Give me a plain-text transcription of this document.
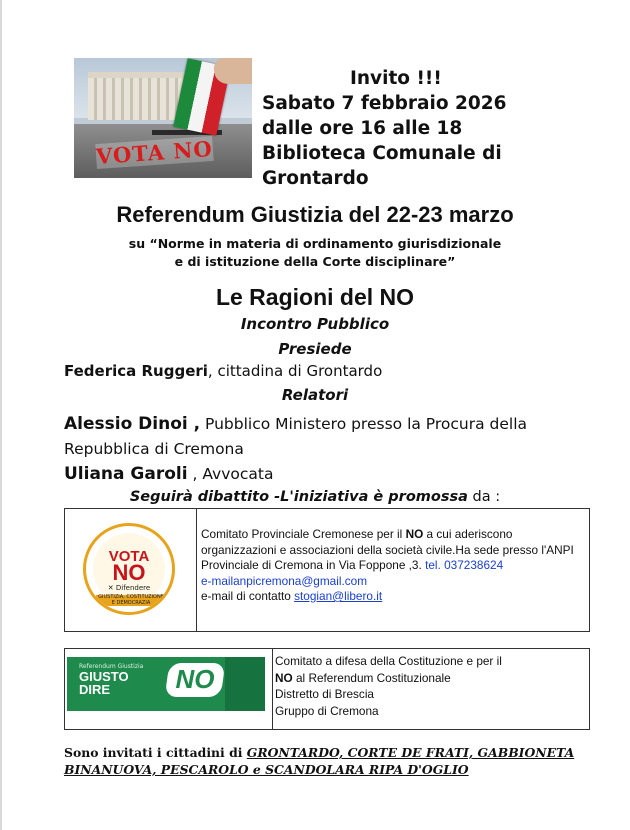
VOTA NO
Invito !!!
Sabato 7 febbraio 2026
dalle ore 16 alle 18
Biblioteca Comunale di
Grontardo
Referendum Giustizia del 22-23 marzo
su “Norme in materia di ordinamento giurisdizionale
e di istituzione della Corte disciplinare”
Le Ragioni del NO
Incontro Pubblico
Presiede
Federica Ruggeri, cittadina di Grontardo
Relatori
Alessio Dinoi , Pubblico Ministero presso la Procura della Repubblica di Cremona
Uliana Garoli , Avvocata
Seguirà dibattito -L'iniziativa è promossa da :
VOTA
NO
✕ Difendere
GIUSTIZIA, COSTITUZIONE E DEMOCRAZIA
Comitato Provinciale Cremonese per il NO a cui aderiscono organizzazioni e associazioni della società civile.Ha sede presso l'ANPI Provinciale di Cremona in Via Foppone ,3. tel. 037238624
e-mailanpicremona@gmail.com
e-mail di contatto stogian@libero.it
Referendum Giustizia
GIUSTO
DIRE	NO
Comitato a difesa della Costituzione e per il
NO al Referendum Costituzionale
Distretto di Brescia
Gruppo di Cremona
Sono invitati i cittadini di GRONTARDO, CORTE DE FRATI, GABBIONETA BINANUOVA, PESCAROLO e SCANDOLARA RIPA D'OGLIO
